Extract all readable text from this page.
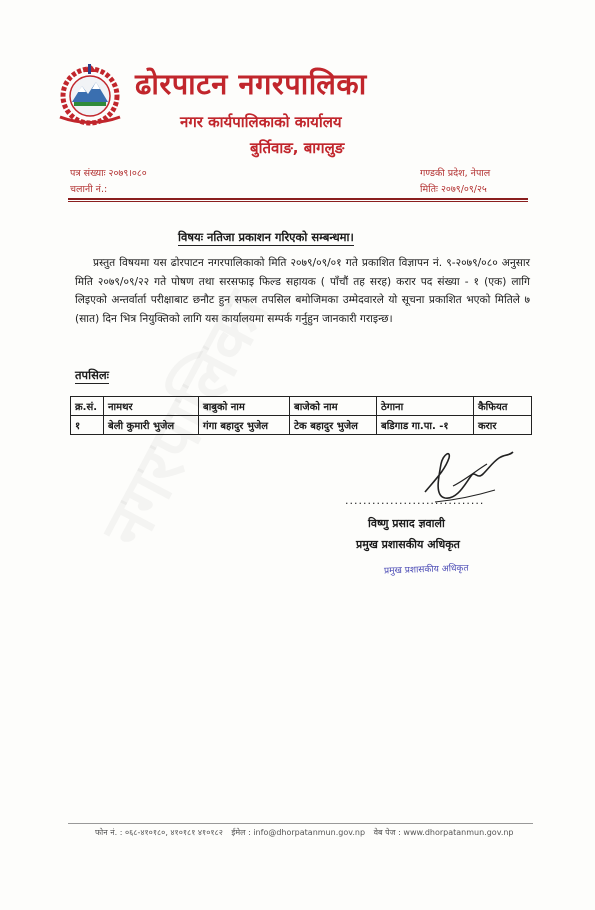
ढोरपाटन नगरपालिका
नगर कार्यपालिकाको कार्यालय
बुर्तिवाङ, बागलुङ
पत्र संख्याः २०७९।०८०
चलानी नं.:
गण्डकी प्रदेश, नेपाल
मितिः २०७९/०९/२५
विषयः नतिजा प्रकाशन गरिएको सम्बन्धमा।

प्रस्तुत विषयमा यस ढोरपाटन नगरपालिकाको मिति २०७९/०९/०१ गते प्रकाशित विज्ञापन नं. ९-२०७९/०८० अनुसार मिति २०७९/०९/२२ गते पोषण तथा सरसफाइ फिल्ड सहायक ( पाँचौं तह सरह) करार पद संख्या - १ (एक) लागि लिइएको अन्तर्वार्ता परीक्षाबाट छनौट हुन सफल तपसिल बमोजिमका उम्मेदवारले यो सूचना प्रकाशित भएको मितिले ७ (सात) दिन भित्र नियुक्तिको लागि यस कार्यालयमा सम्पर्क गर्नुहुन जानकारी गराइन्छ।

तपसिलः
क्र.सं.	नामथर	बाबुको नाम	बाजेको नाम	ठेगाना	कैफियत
१	बेली कुमारी भुजेल	गंगा बहादुर भुजेल	टेक बहादुर भुजेल	बडिगाड गा.पा. -१	करार
...............................
विष्णु प्रसाद ज्ञवाली
प्रमुख प्रशासकीय अधिकृत
प्रमुख प्रशासकीय अधिकृत
फोन नं. : ०६८-४१०१८०, ४१०१८१ ४१०१८२ ईमेल : info@dhorpatanmun.gov.np वेब पेज : www.dhorpatanmun.gov.np
